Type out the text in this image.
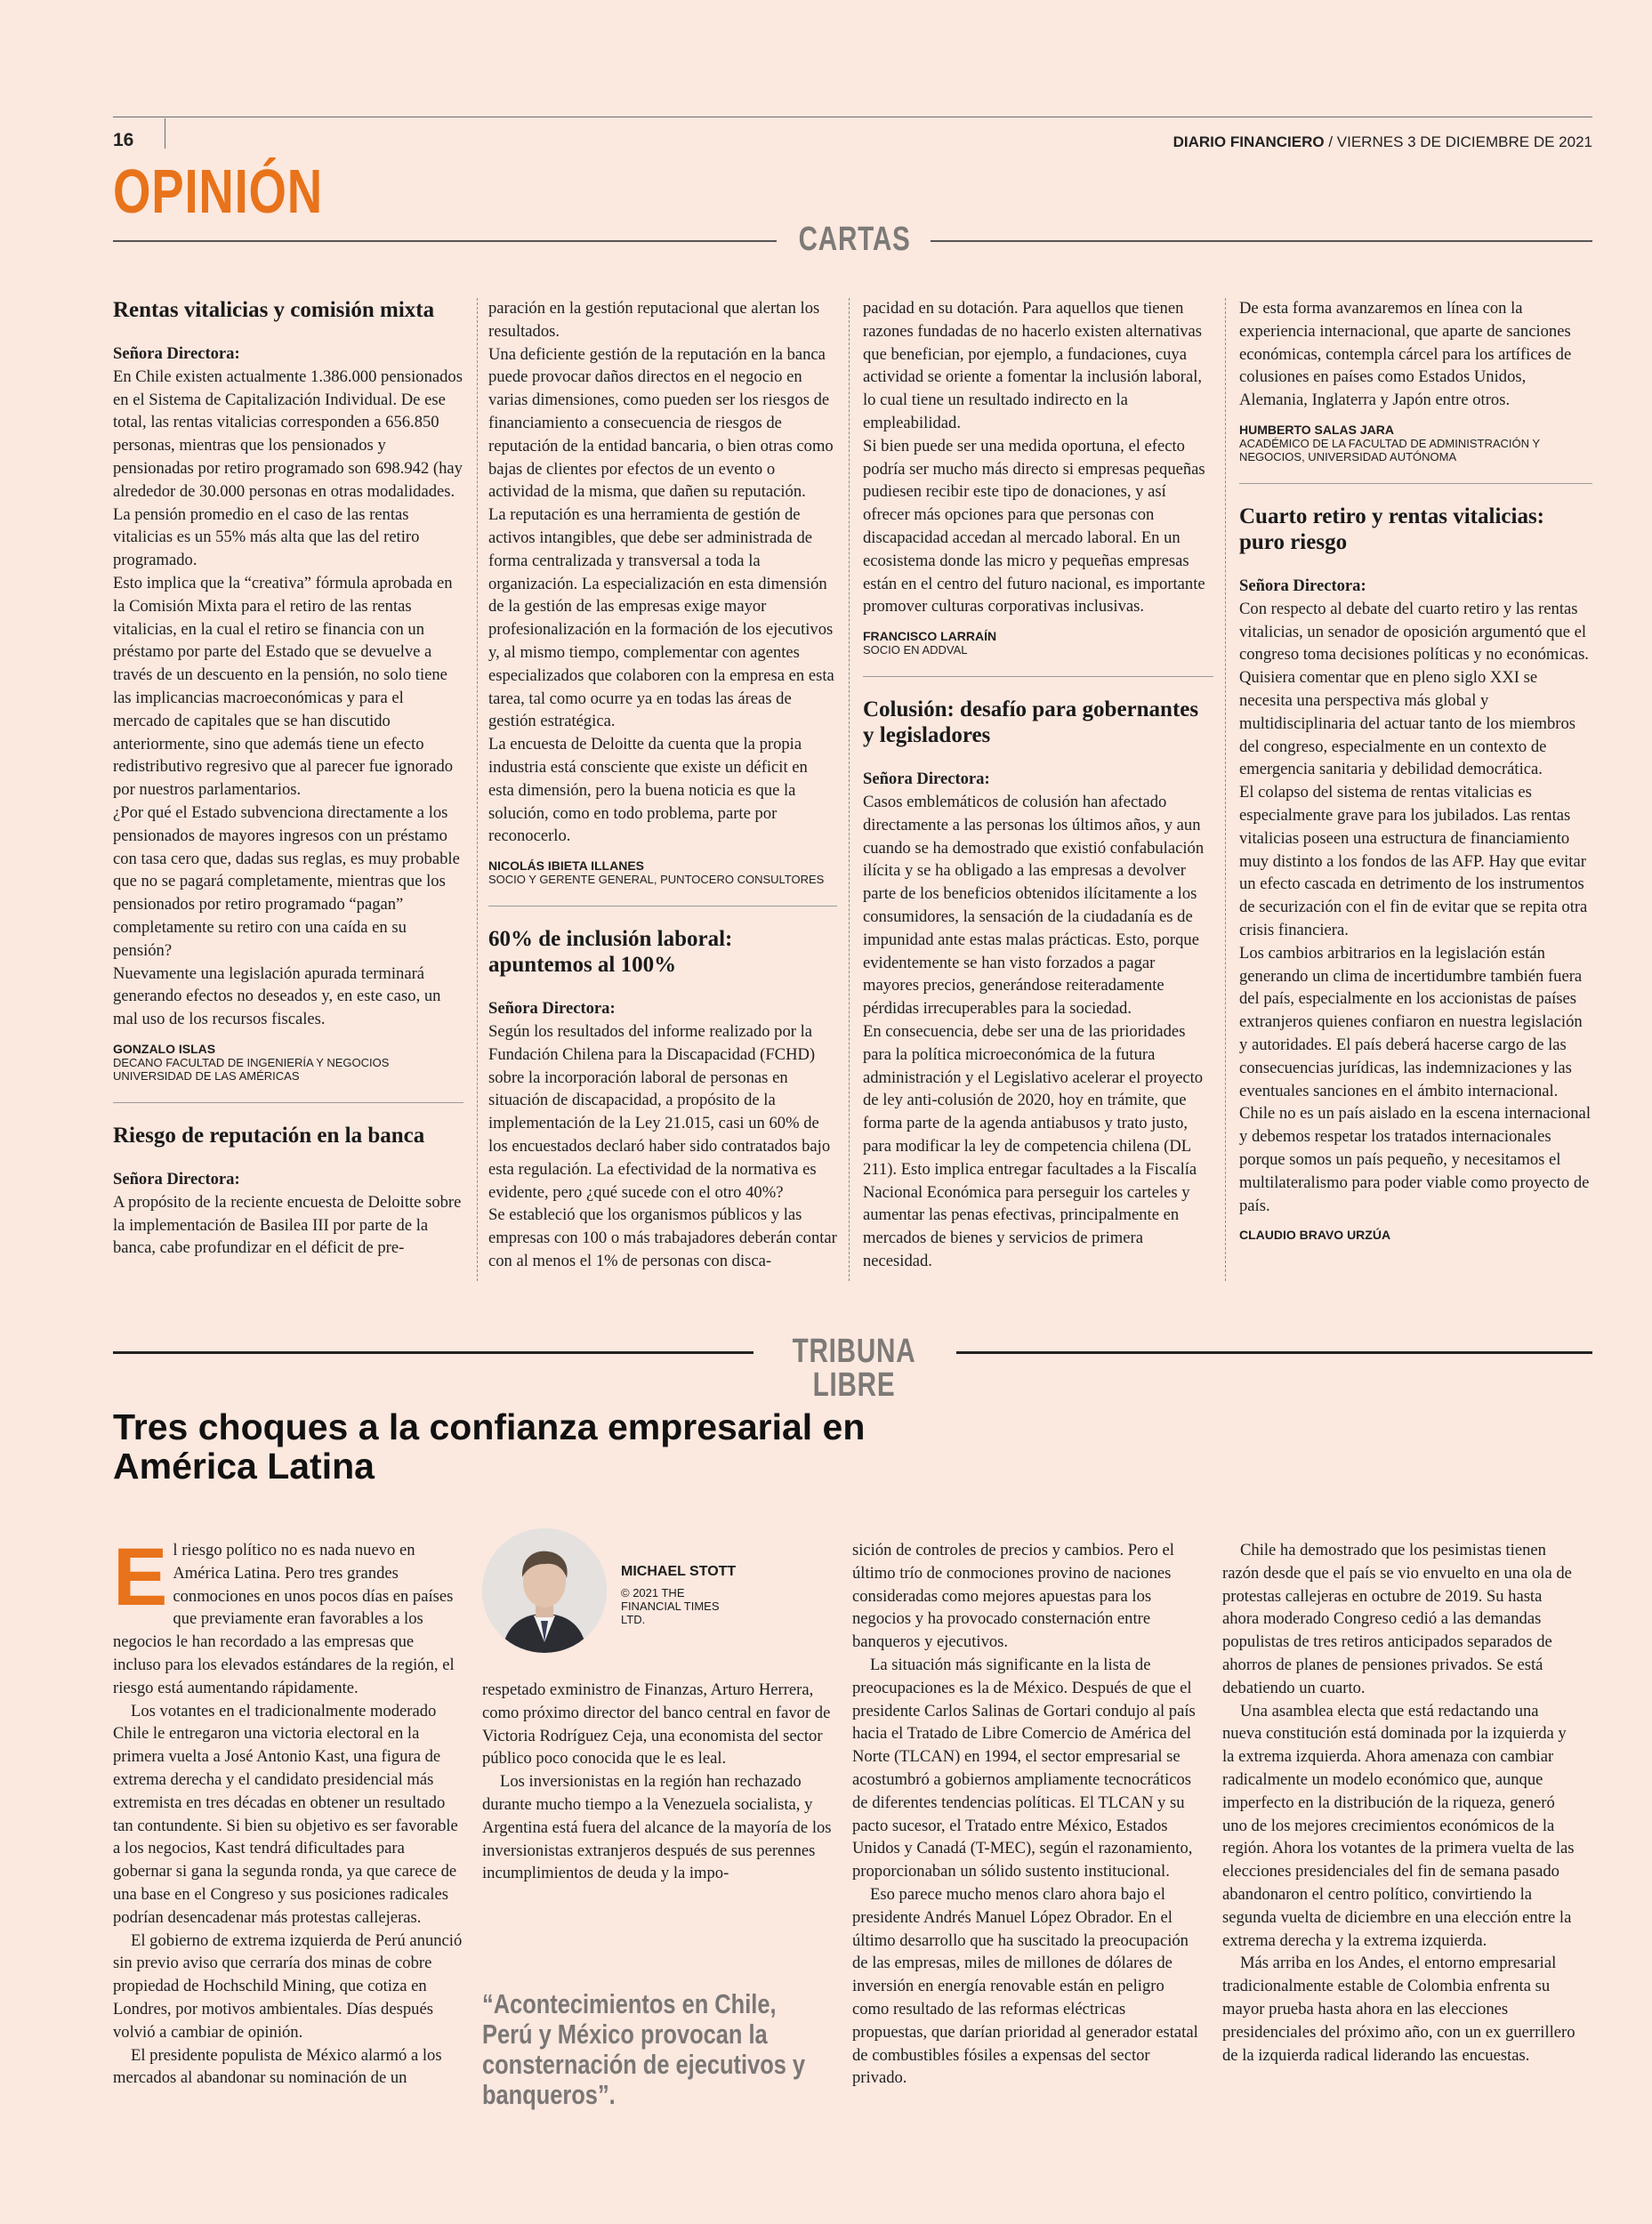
16	DIARIO FINANCIERO / VIERNES 3 DE DICIEMBRE DE 2021
OPINIÓN
CARTAS

Rentas vitalicias y comisión mixta

Señora Directora:

En Chile existen actualmente 1.386.000 pensionados en el Sistema de Capitalización Individual. De ese total, las rentas vitalicias corresponden a 656.850 personas, mientras que los pensionados y pensionadas por retiro programado son 698.942 (hay alrededor de 30.000 personas en otras modalidades. La pensión promedio en el caso de las rentas vitalicias es un 55% más alta que las del retiro programado.

Esto implica que la “creativa” fórmula aprobada en la Comisión Mixta para el retiro de las rentas vitalicias, en la cual el retiro se financia con un préstamo por parte del Estado que se devuelve a través de un descuento en la pensión, no solo tiene las implicancias macroeconómicas y para el mercado de capitales que se han discutido anteriormente, sino que además tiene un efecto redistributivo regresivo que al parecer fue ignorado por nuestros parlamentarios.

¿Por qué el Estado subvenciona directamente a los pensionados de mayores ingresos con un préstamo con tasa cero que, dadas sus reglas, es muy probable que no se pagará completamente, mientras que los pensionados por retiro programado “pagan” completamente su retiro con una caída en su pensión?

Nuevamente una legislación apurada terminará generando efectos no deseados y, en este caso, un mal uso de los recursos fiscales.

GONZALO ISLAS
DECANO FACULTAD DE INGENIERÍA Y NEGOCIOS UNIVERSIDAD DE LAS AMÉRICAS

Riesgo de reputación en la banca

Señora Directora:

A propósito de la reciente encuesta de Deloitte sobre la implementación de Basilea III por parte de la banca, cabe profundizar en el déficit de pre-

paración en la gestión reputacional que alertan los resultados.

Una deficiente gestión de la reputación en la banca puede provocar daños directos en el negocio en varias dimensiones, como pueden ser los riesgos de financiamiento a consecuencia de riesgos de reputación de la entidad bancaria, o bien otras como bajas de clientes por efectos de un evento o actividad de la misma, que dañen su reputación.

La reputación es una herramienta de gestión de activos intangibles, que debe ser administrada de forma centralizada y transversal a toda la organización. La especialización en esta dimensión de la gestión de las empresas exige mayor profesionalización en la formación de los ejecutivos y, al mismo tiempo, complementar con agentes especializados que colaboren con la empresa en esta tarea, tal como ocurre ya en todas las áreas de gestión estratégica.

La encuesta de Deloitte da cuenta que la propia industria está consciente que existe un déficit en esta dimensión, pero la buena noticia es que la solución, como en todo problema, parte por reconocerlo.

NICOLÁS IBIETA ILLANES
SOCIO Y GERENTE GENERAL, PUNTOCERO CONSULTORES

60% de inclusión laboral: apuntemos al 100%

Señora Directora:

Según los resultados del informe realizado por la Fundación Chilena para la Discapacidad (FCHD) sobre la incorporación laboral de personas en situación de discapacidad, a propósito de la implementación de la Ley 21.015, casi un 60% de los encuestados declaró haber sido contratados bajo esta regulación. La efectividad de la normativa es evidente, pero ¿qué sucede con el otro 40%?

Se estableció que los organismos públicos y las empresas con 100 o más trabajadores deberán contar con al menos el 1% de personas con disca-

pacidad en su dotación. Para aquellos que tienen razones fundadas de no hacerlo existen alternativas que benefician, por ejemplo, a fundaciones, cuya actividad se oriente a fomentar la inclusión laboral, lo cual tiene un resultado indirecto en la empleabilidad.

Si bien puede ser una medida oportuna, el efecto podría ser mucho más directo si empresas pequeñas pudiesen recibir este tipo de donaciones, y así ofrecer más opciones para que personas con discapacidad accedan al mercado laboral. En un ecosistema donde las micro y pequeñas empresas están en el centro del futuro nacional, es importante promover culturas corporativas inclusivas.

FRANCISCO LARRAÍN
SOCIO EN ADDVAL

Colusión: desafío para gobernantes y legisladores

Señora Directora:

Casos emblemáticos de colusión han afectado directamente a las personas los últimos años, y aun cuando se ha demostrado que existió confabulación ilícita y se ha obligado a las empresas a devolver parte de los beneficios obtenidos ilícitamente a los consumidores, la sensación de la ciudadanía es de impunidad ante estas malas prácticas. Esto, porque evidentemente se han visto forzados a pagar mayores precios, generándose reiteradamente pérdidas irrecuperables para la sociedad.

En consecuencia, debe ser una de las prioridades para la política microeconómica de la futura administración y el Legislativo acelerar el proyecto de ley anti-colusión de 2020, hoy en trámite, que forma parte de la agenda antiabusos y trato justo, para modificar la ley de competencia chilena (DL 211). Esto implica entregar facultades a la Fiscalía Nacional Económica para perseguir los carteles y aumentar las penas efectivas, principalmente en mercados de bienes y servicios de primera necesidad.

De esta forma avanzaremos en línea con la experiencia internacional, que aparte de sanciones económicas, contempla cárcel para los artífices de colusiones en países como Estados Unidos, Alemania, Inglaterra y Japón entre otros.

HUMBERTO SALAS JARA
ACADÉMICO DE LA FACULTAD DE ADMINISTRACIÓN Y NEGOCIOS, UNIVERSIDAD AUTÓNOMA

Cuarto retiro y rentas vitalicias: puro riesgo

Señora Directora:

Con respecto al debate del cuarto retiro y las rentas vitalicias, un senador de oposición argumentó que el congreso toma decisiones políticas y no económicas. Quisiera comentar que en pleno siglo XXI se necesita una perspectiva más global y multidisciplinaria del actuar tanto de los miembros del congreso, especialmente en un contexto de emergencia sanitaria y debilidad democrática.

El colapso del sistema de rentas vitalicias es especialmente grave para los jubilados. Las rentas vitalicias poseen una estructura de financiamiento muy distinto a los fondos de las AFP. Hay que evitar un efecto cascada en detrimento de los instrumentos de securización con el fin de evitar que se repita otra crisis financiera.

Los cambios arbitrarios en la legislación están generando un clima de incertidumbre también fuera del país, especialmente en los accionistas de países extranjeros quienes confiaron en nuestra legislación y autoridades. El país deberá hacerse cargo de las consecuencias jurídicas, las indemnizaciones y las eventuales sanciones en el ámbito internacional.

Chile no es un país aislado en la escena internacional y debemos respetar los tratados internacionales porque somos un país pequeño, y necesitamos el multilateralismo para poder viable como proyecto de país.

CLAUDIO BRAVO URZÚA
TRIBUNA LIBRE
Tres choques a la confianza empresarial en América Latina

El riesgo político no es nada nuevo en América Latina. Pero tres grandes conmociones en unos pocos días en países que previamente eran favorables a los negocios le han recordado a las empresas que incluso para los elevados estándares de la región, el riesgo está aumentando rápidamente.

Los votantes en el tradicionalmente moderado Chile le entregaron una victoria electoral en la primera vuelta a José Antonio Kast, una figura de extrema derecha y el candidato presidencial más extremista en tres décadas en obtener un resultado tan contundente. Si bien su objetivo es ser favorable a los negocios, Kast tendrá dificultades para gobernar si gana la segunda ronda, ya que carece de una base en el Congreso y sus posiciones radicales podrían desencadenar más protestas callejeras.

El gobierno de extrema izquierda de Perú anunció sin previo aviso que cerraría dos minas de cobre propiedad de Hochschild Mining, que cotiza en Londres, por motivos ambientales. Días después volvió a cambiar de opinión.

El presidente populista de México alarmó a los mercados al abandonar su nominación de un

MICHAEL STOTT
© 2021 THE FINANCIAL TIMES LTD.

respetado exministro de Finanzas, Arturo Herrera, como próximo director del banco central en favor de Victoria Rodríguez Ceja, una economista del sector público poco conocida que le es leal.

Los inversionistas en la región han rechazado durante mucho tiempo a la Venezuela socialista, y Argentina está fuera del alcance de la mayoría de los inversionistas extranjeros después de sus perennes incumplimientos de deuda y la impo-

“Acontecimientos en Chile, Perú y México provocan la consternación de ejecutivos y banqueros”.

sición de controles de precios y cambios. Pero el último trío de conmociones provino de naciones consideradas como mejores apuestas para los negocios y ha provocado consternación entre banqueros y ejecutivos.

La situación más significante en la lista de preocupaciones es la de México. Después de que el presidente Carlos Salinas de Gortari condujo al país hacia el Tratado de Libre Comercio de América del Norte (TLCAN) en 1994, el sector empresarial se acostumbró a gobiernos ampliamente tecnocráticos de diferentes tendencias políticas. El TLCAN y su pacto sucesor, el Tratado entre México, Estados Unidos y Canadá (T-MEC), según el razonamiento, proporcionaban un sólido sustento institucional.

Eso parece mucho menos claro ahora bajo el presidente Andrés Manuel López Obrador. En el último desarrollo que ha suscitado la preocupación de las empresas, miles de millones de dólares de inversión en energía renovable están en peligro como resultado de las reformas eléctricas propuestas, que darían prioridad al generador estatal de combustibles fósiles a expensas del sector privado.

Chile ha demostrado que los pesimistas tienen razón desde que el país se vio envuelto en una ola de protestas callejeras en octubre de 2019. Su hasta ahora moderado Congreso cedió a las demandas populistas de tres retiros anticipados separados de ahorros de planes de pensiones privados. Se está debatiendo un cuarto.

Una asamblea electa que está redactando una nueva constitución está dominada por la izquierda y la extrema izquierda. Ahora amenaza con cambiar radicalmente un modelo económico que, aunque imperfecto en la distribución de la riqueza, generó uno de los mejores crecimientos económicos de la región. Ahora los votantes de la primera vuelta de las elecciones presidenciales del fin de semana pasado abandonaron el centro político, convirtiendo la segunda vuelta de diciembre en una elección entre la extrema derecha y la extrema izquierda.

Más arriba en los Andes, el entorno empresarial tradicionalmente estable de Colombia enfrenta su mayor prueba hasta ahora en las elecciones presidenciales del próximo año, con un ex guerrillero de la izquierda radical liderando las encuestas.
